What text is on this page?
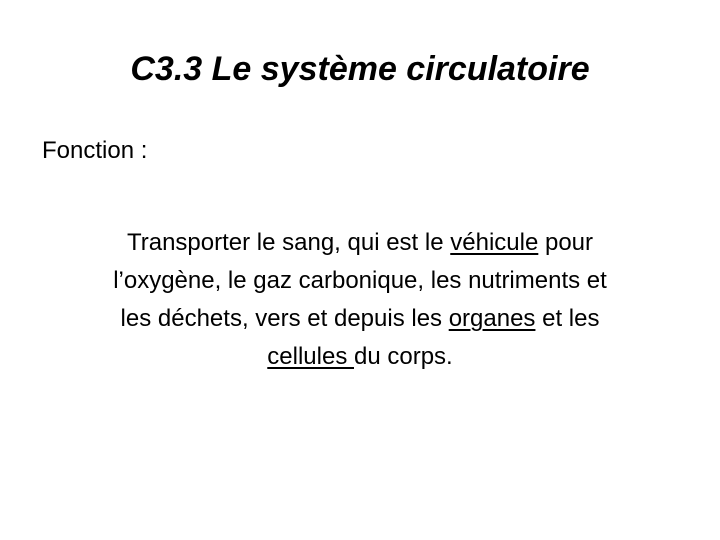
C3.3 Le système circulatoire
Fonction :
Transporter le sang, qui est le véhicule pour
l’oxygène, le gaz carbonique, les nutriments et
les déchets, vers et depuis les organes et les
cellules du corps.
